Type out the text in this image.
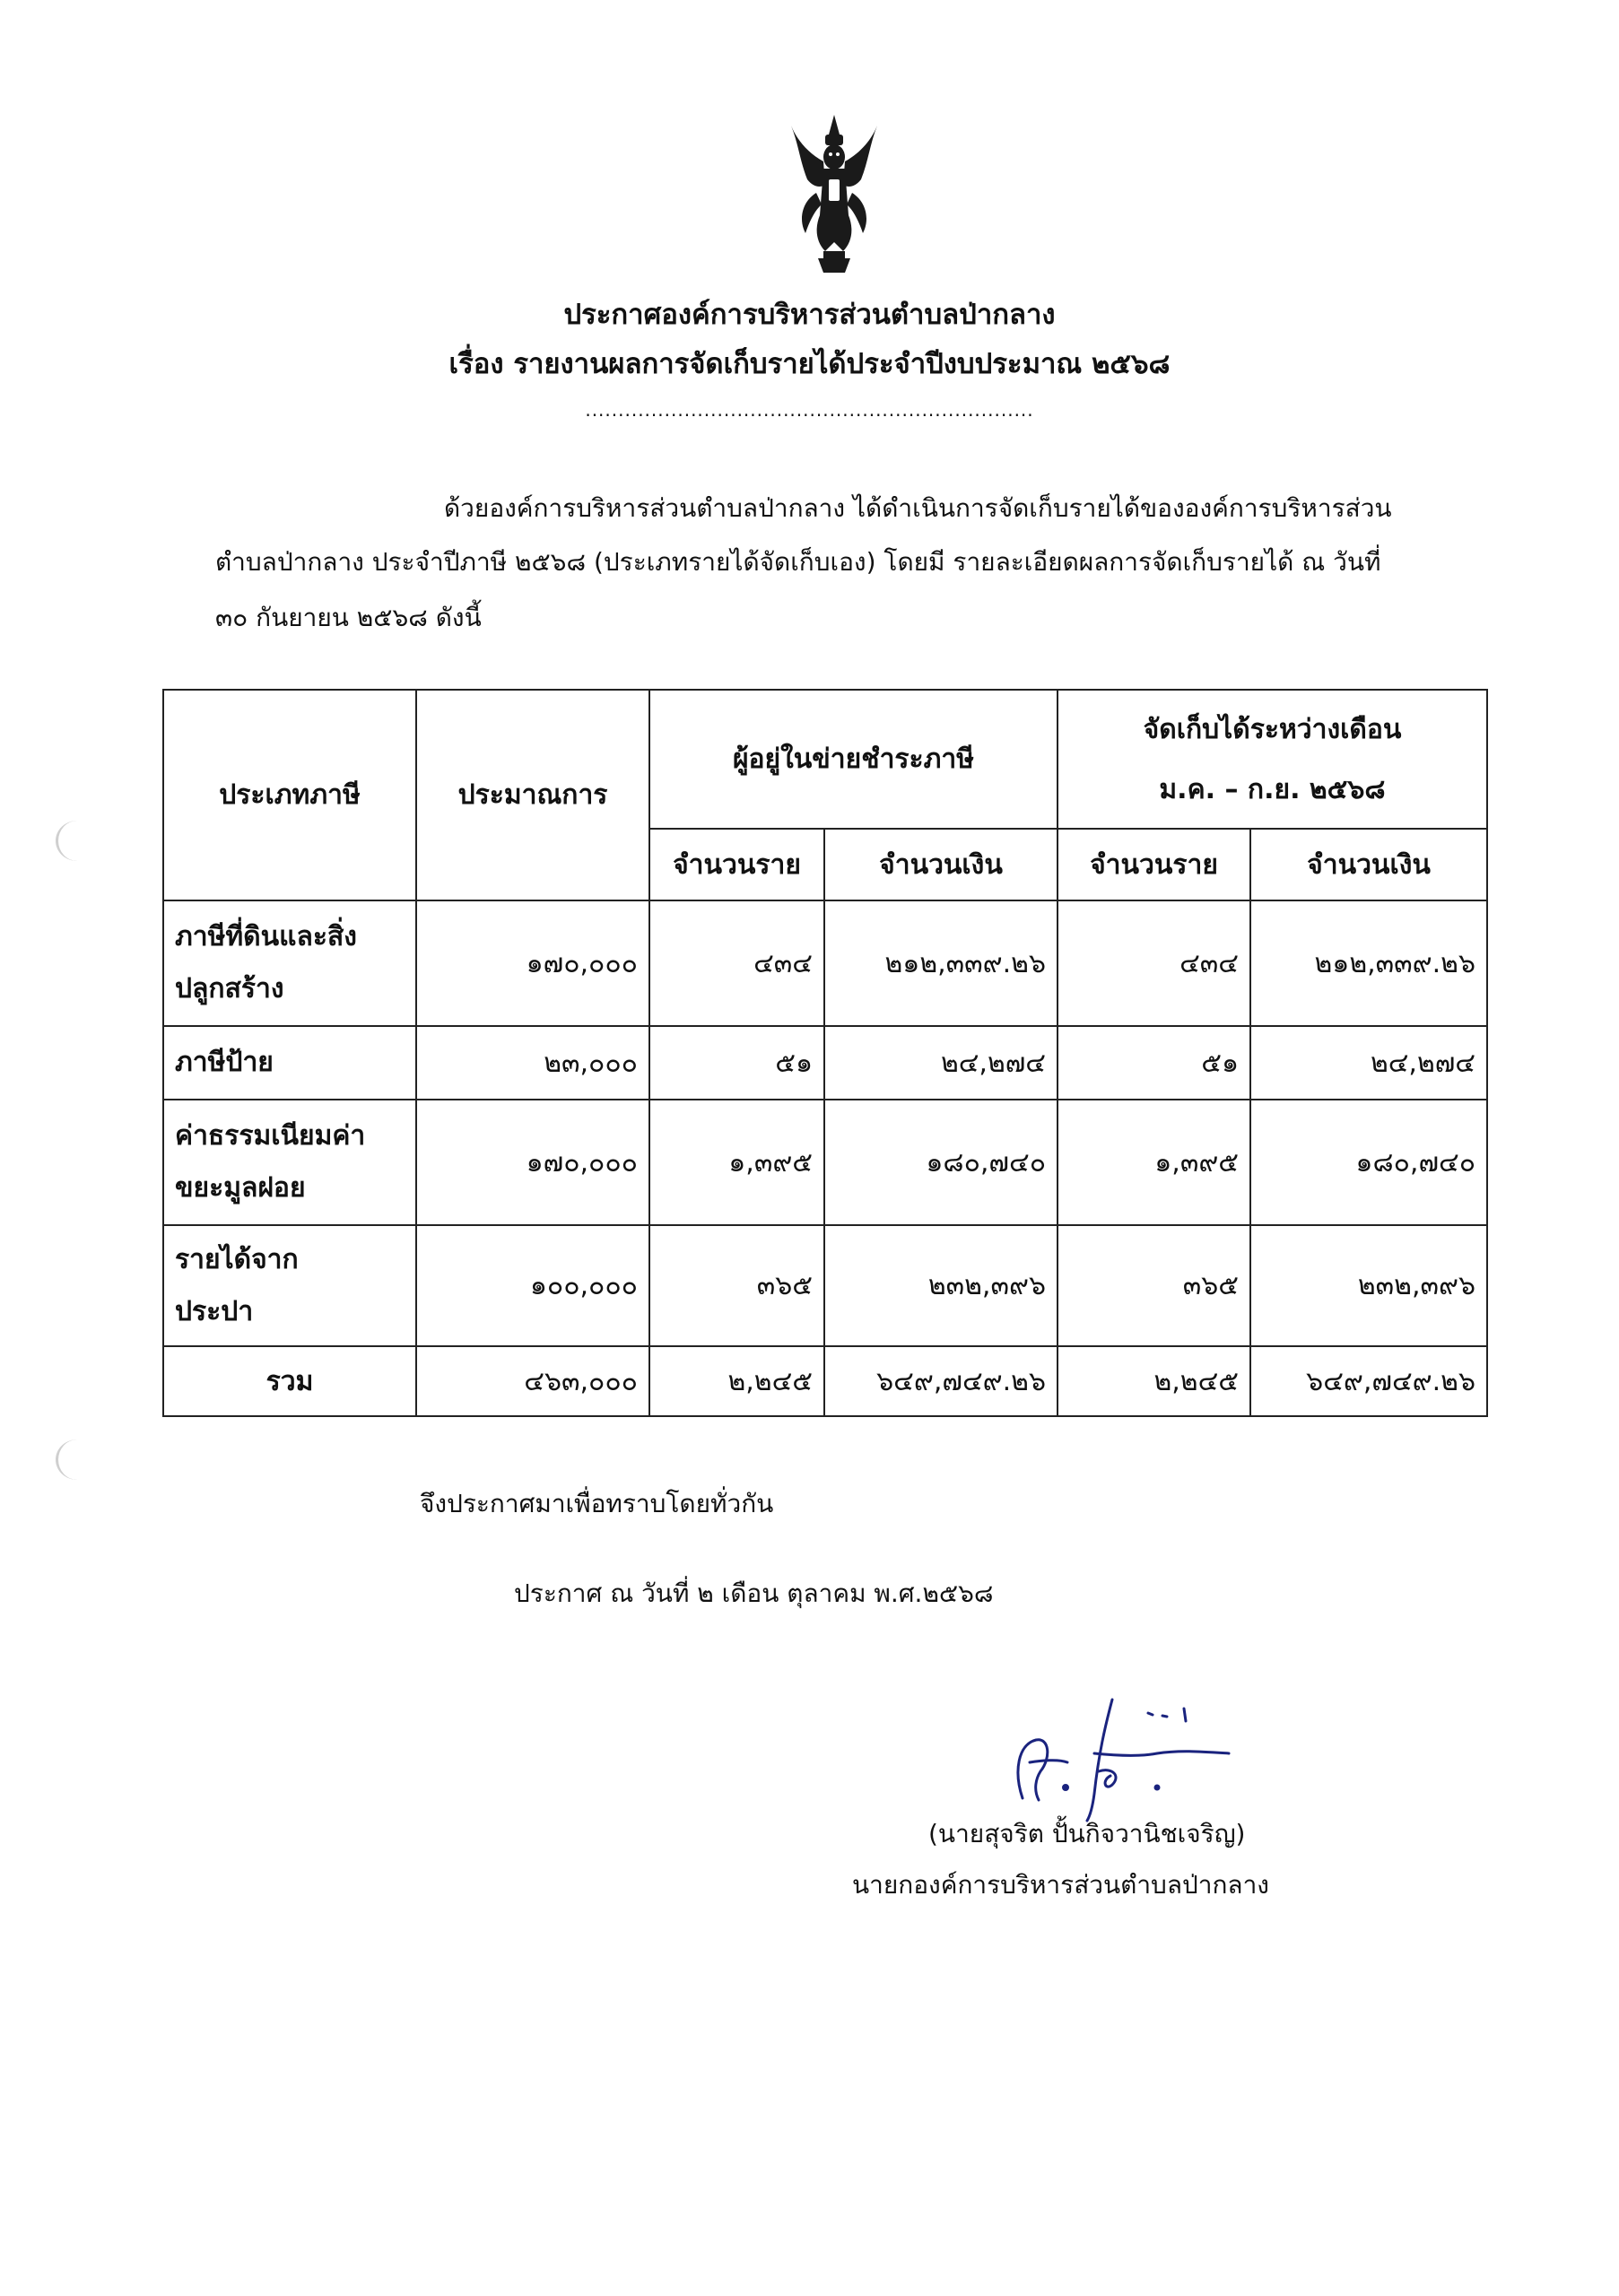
ประกาศองค์การบริหารส่วนตำบลป่ากลาง
เรื่อง รายงานผลการจัดเก็บรายได้ประจำปีงบประมาณ ๒๕๖๘
....................................................................
ด้วยองค์การบริหารส่วนตำบลป่ากลาง ได้ดำเนินการจัดเก็บรายได้ขององค์การบริหารส่วน
ตำบลป่ากลาง ประจำปีภาษี ๒๕๖๘ (ประเภทรายได้จัดเก็บเอง) โดยมี รายละเอียดผลการจัดเก็บรายได้ ณ วันที่
๓๐ กันยายน ๒๕๖๘ ดังนี้
ประเภทภาษี	ประมาณการ	ผู้อยู่ในข่ายชำระภาษี		จัดเก็บได้ระหว่างเดือน
ม.ค. – ก.ย. ๒๕๖๘	

		จำนวนราย	จำนวนเงิน	จำนวนราย	จำนวนเงิน

ภาษีที่ดินและสิ่ง
ปลูกสร้าง	๑๗๐,๐๐๐	๔๓๔	๒๑๒,๓๓๙.๒๖	๔๓๔	๒๑๒,๓๓๙.๒๖

ภาษีป้าย	๒๓,๐๐๐	๕๑	๒๔,๒๗๔	๕๑	๒๔,๒๗๔

ค่าธรรมเนียมค่า
ขยะมูลฝอย	๑๗๐,๐๐๐	๑,๓๙๕	๑๘๐,๗๔๐	๑,๓๙๕	๑๘๐,๗๔๐

รายได้จาก
ประปา	๑๐๐,๐๐๐	๓๖๕	๒๓๒,๓๙๖	๓๖๕	๒๓๒,๓๙๖
รวม	๔๖๓,๐๐๐	๒,๒๔๕	๖๔๙,๗๔๙.๒๖	๒,๒๔๕	๖๔๙,๗๔๙.๒๖
จึงประกาศมาเพื่อทราบโดยทั่วกัน
ประกาศ ณ วันที่ ๒ เดือน ตุลาคม พ.ศ.๒๕๖๘
(นายสุจริต ปั้นกิจวานิชเจริญ)
นายกองค์การบริหารส่วนตำบลป่ากลาง
